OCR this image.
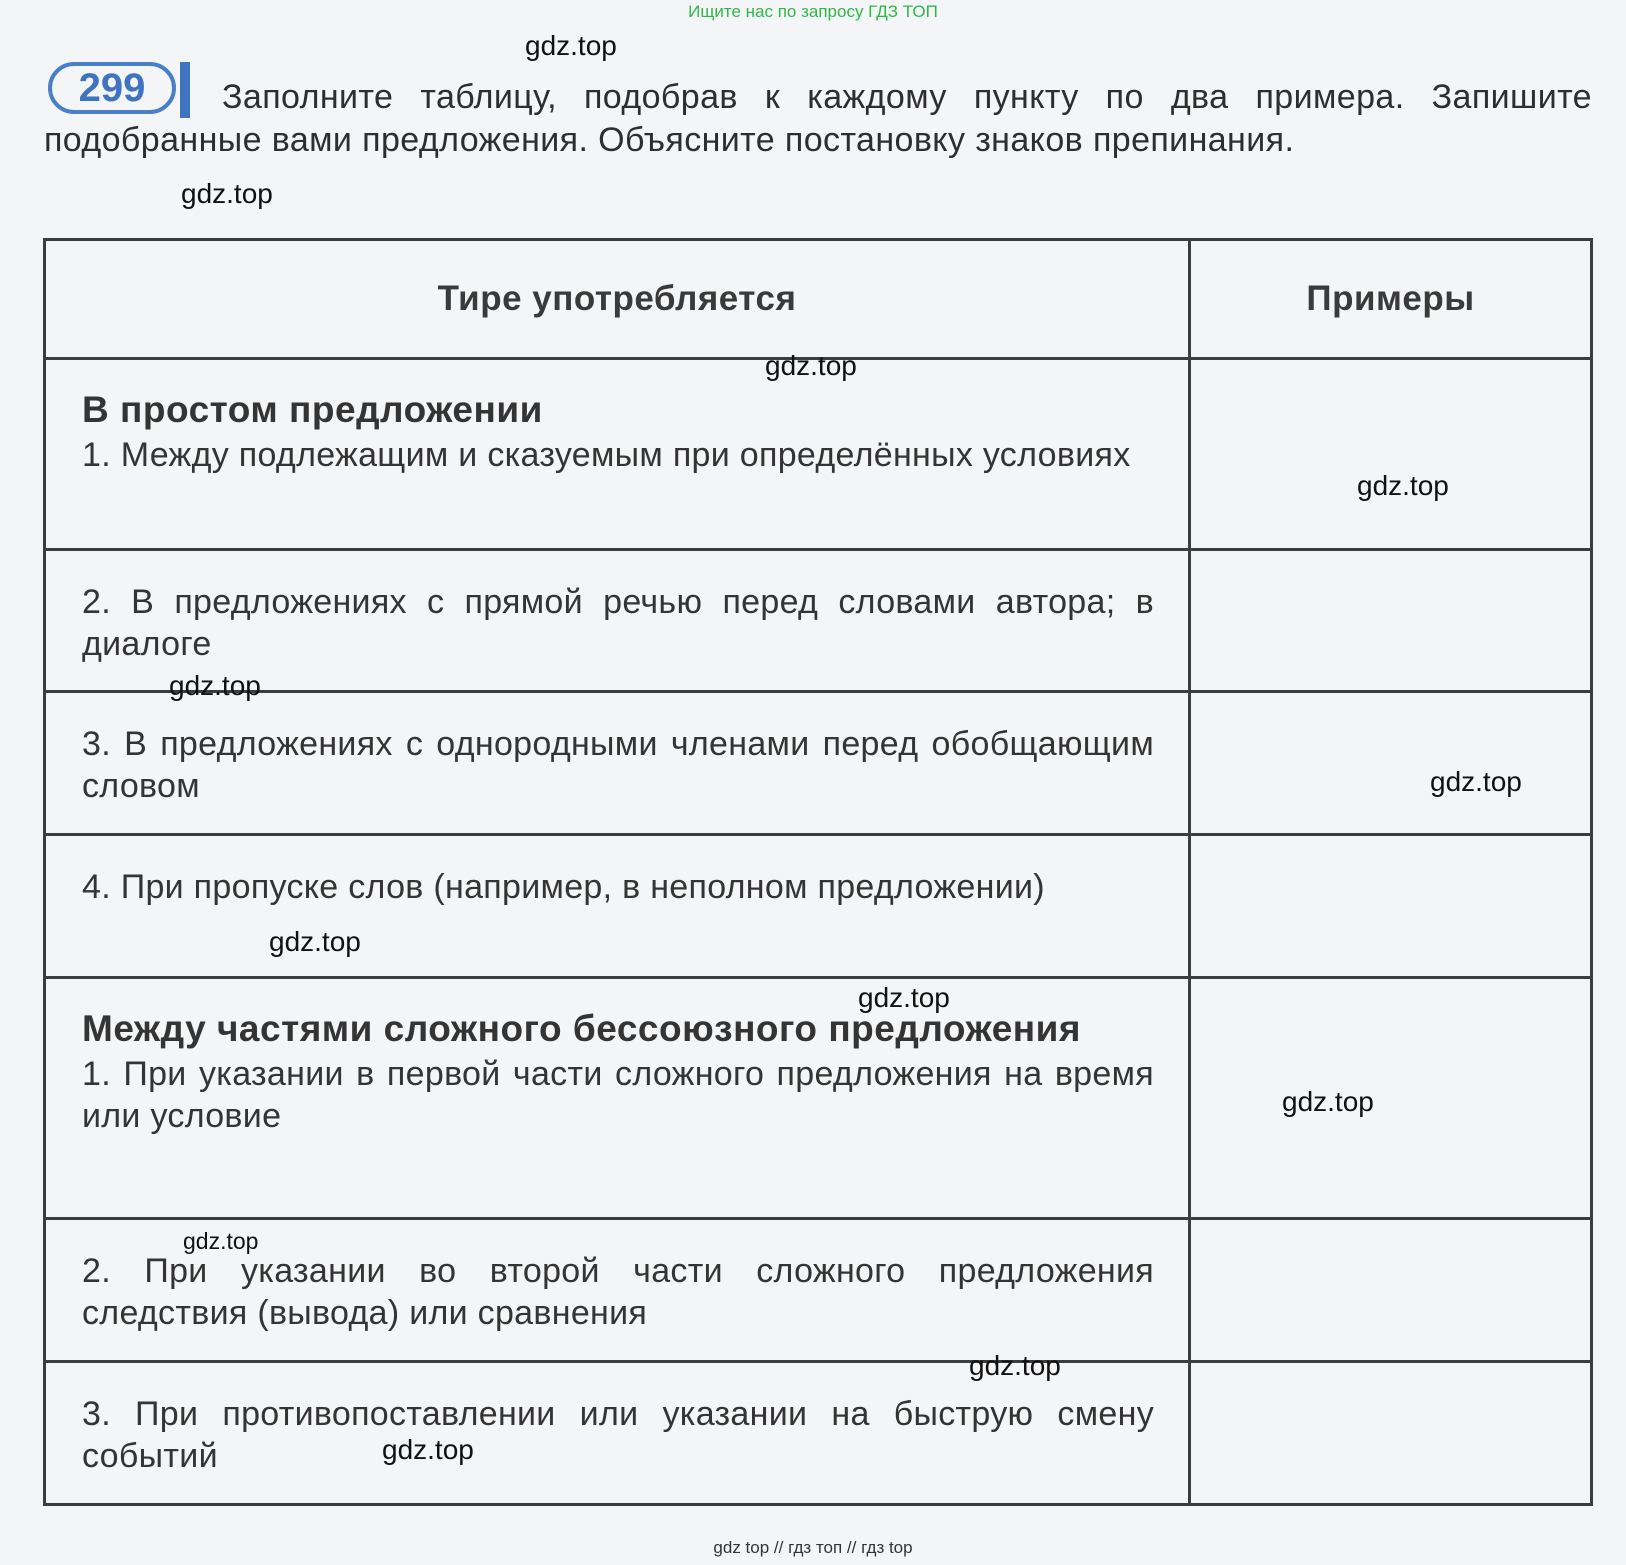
Ищите нас по запросу ГДЗ ТОП
299	Заполните таблицу, подобрав к каждому пункту по два примера. Запишите подобранные вами предложения. Объясните постановку знаков препинания.
Тире употребляется	Примеры

В простом предложении
1. Между подлежащим и сказуемым при определённых условиях	

2. В предложениях с прямой речью перед словами автора; в диалоге	

3. В предложениях с однородными членами перед обобщающим словом	

4. При пропуске слов (например, в неполном предложении)	

Между частями сложного бессоюзного предложения
1. При указании в первой части сложного предложения на время или условие	

2. При указании во второй части сложного предложения следствия (вывода) или сравнения	

3. При противопоставлении или указании на быструю смену событий	

gdz.top
gdz.top
gdz.top
gdz.top
gdz.top
gdz.top
gdz.top
gdz.top
gdz.top
gdz.top
gdz.top
gdz.top
gdz top // гдз топ // гдз top
